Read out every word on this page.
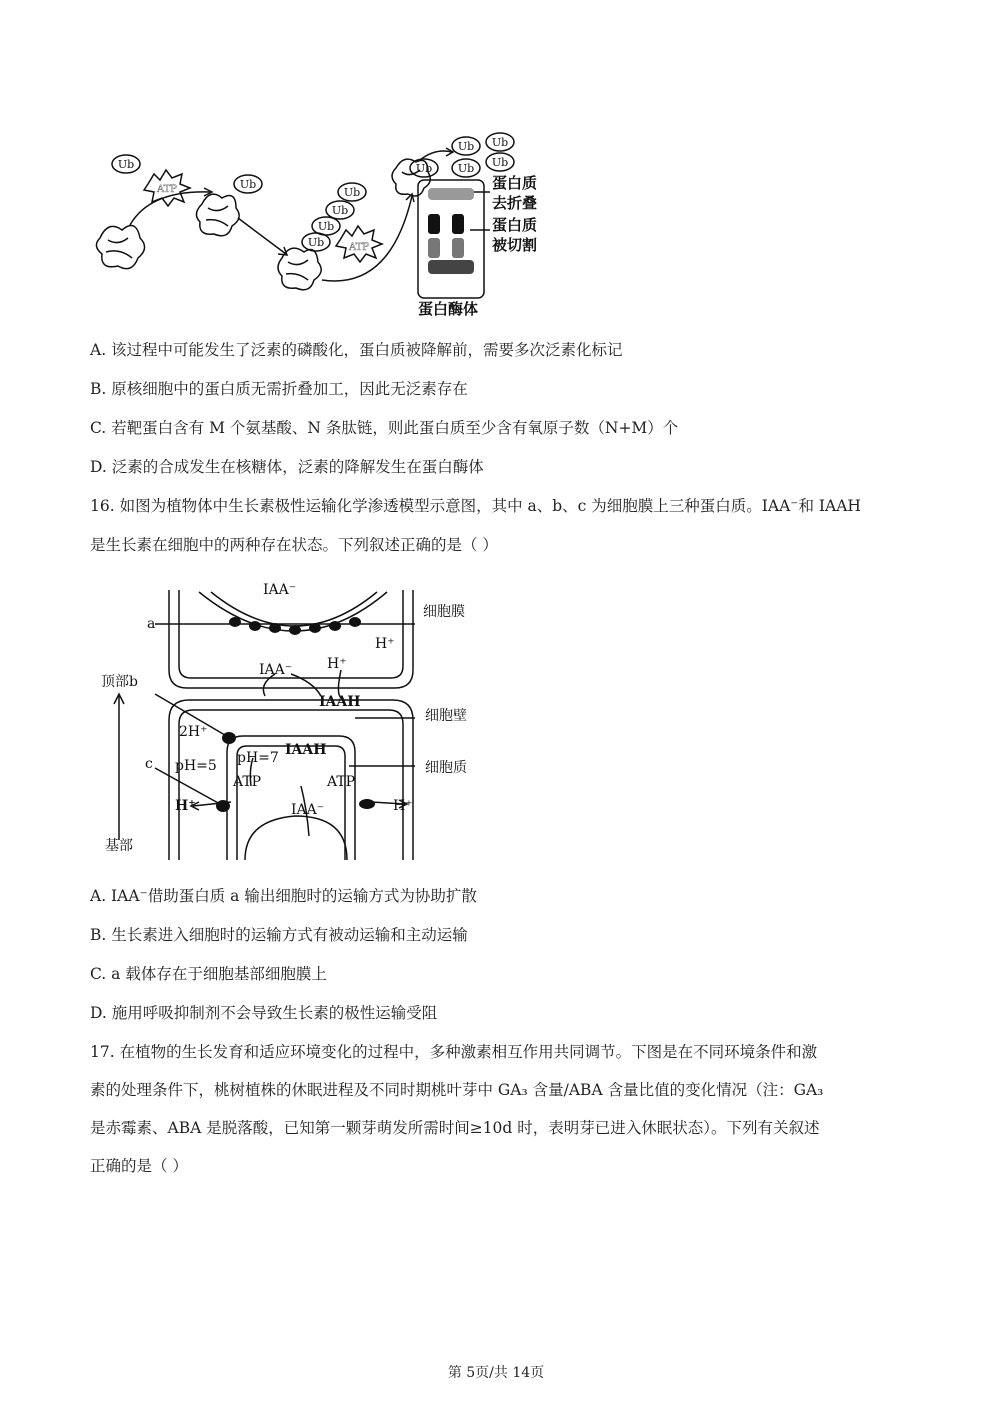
Ub
Ub
Ub
Ub
Ub
Ub
Ub Ub
Ub Ub
Ub
ATP
ATP
蛋白质
去折叠
蛋白质
被切割
蛋白酶体
A. 该过程中可能发生了泛素的磷酸化，蛋白质被降解前，需要多次泛素化标记
B. 原核细胞中的蛋白质无需折叠加工，因此无泛素存在
C. 若靶蛋白含有 M 个氨基酸、N 条肽链，则此蛋白质至少含有氧原子数（N+M）个
D. 泛素的合成发生在核糖体，泛素的降解发生在蛋白酶体
16. 如图为植物体中生长素极性运输化学渗透模型示意图，其中 a、b、c 为细胞膜上三种蛋白质。IAA⁻和 IAAH
是生长素在细胞中的两种存在状态。下列叙述正确的是（ ）
IAA⁻
H⁺
IAA⁻ H⁺
IAAH
2H⁺
IAAH
pH=7
pH=5
ATP	ATP
H⁺	IAA⁻	H⁺
a
顶部b
c
基部
细胞膜
细胞壁
细胞质
A. IAA⁻借助蛋白质 a 输出细胞时的运输方式为协助扩散
B. 生长素进入细胞时的运输方式有被动运输和主动运输
C. a 载体存在于细胞基部细胞膜上
D. 施用呼吸抑制剂不会导致生长素的极性运输受阻
17. 在植物的生长发育和适应环境变化的过程中，多种激素相互作用共同调节。下图是在不同环境条件和激
素的处理条件下，桃树植株的休眠进程及不同时期桃叶芽中 GA₃ 含量/ABA 含量比值的变化情况（注：GA₃
是赤霉素、ABA 是脱落酸，已知第一颗芽萌发所需时间≥10d 时，表明芽已进入休眠状态）。下列有关叙述
正确的是（ ）
第 5页/共 14页
